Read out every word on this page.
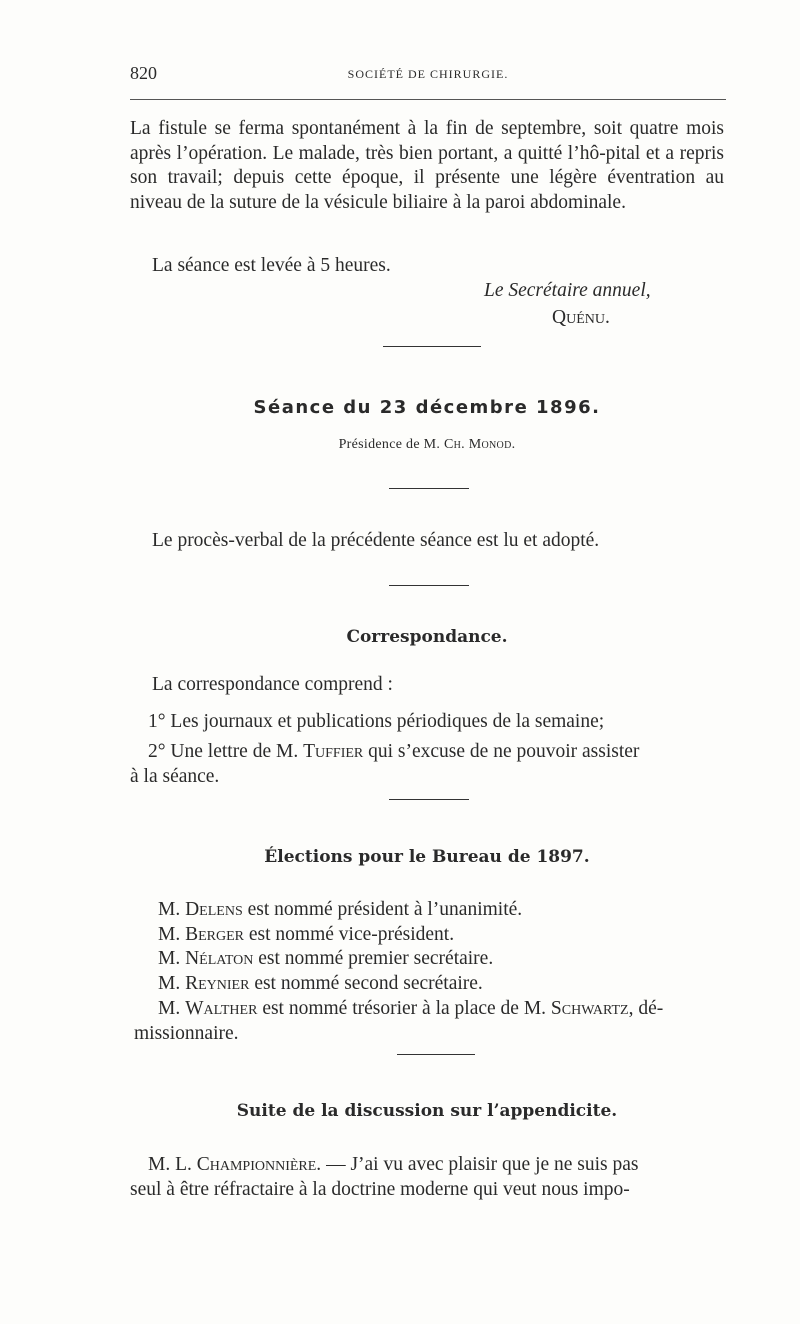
820	SOCIÉTÉ DE CHIRURGIE.

La fistule se ferma spontanément à la fin de septembre, soit quatre mois après l’opération. Le malade, très bien portant, a quitté l’hô-pital et a repris son travail; depuis cette époque, il présente une légère éventration au niveau de la suture de la vésicule biliaire à la paroi abdominale.

La séance est levée à 5 heures.

Le Secrétaire annuel,

Quénu.

Séance du 23 décembre 1896.

Présidence de M. Ch. Monod.

Le procès-verbal de la précédente séance est lu et adopté.

Correspondance.

La correspondance comprend :

1° Les journaux et publications périodiques de la semaine;

2° Une lettre de M. Tuffier qui s’excuse de ne pouvoir assister

à la séance.

Élections pour le Bureau de 1897.

M. Delens est nommé président à l’unanimité.

M. Berger est nommé vice-président.

M. Nélaton est nommé premier secrétaire.

M. Reynier est nommé second secrétaire.

M. Walther est nommé trésorier à la place de M. Schwartz, dé-

missionnaire.

Suite de la discussion sur l’appendicite.

M. L. Championnière. — J’ai vu avec plaisir que je ne suis pas

seul à être réfractaire à la doctrine moderne qui veut nous impo-
